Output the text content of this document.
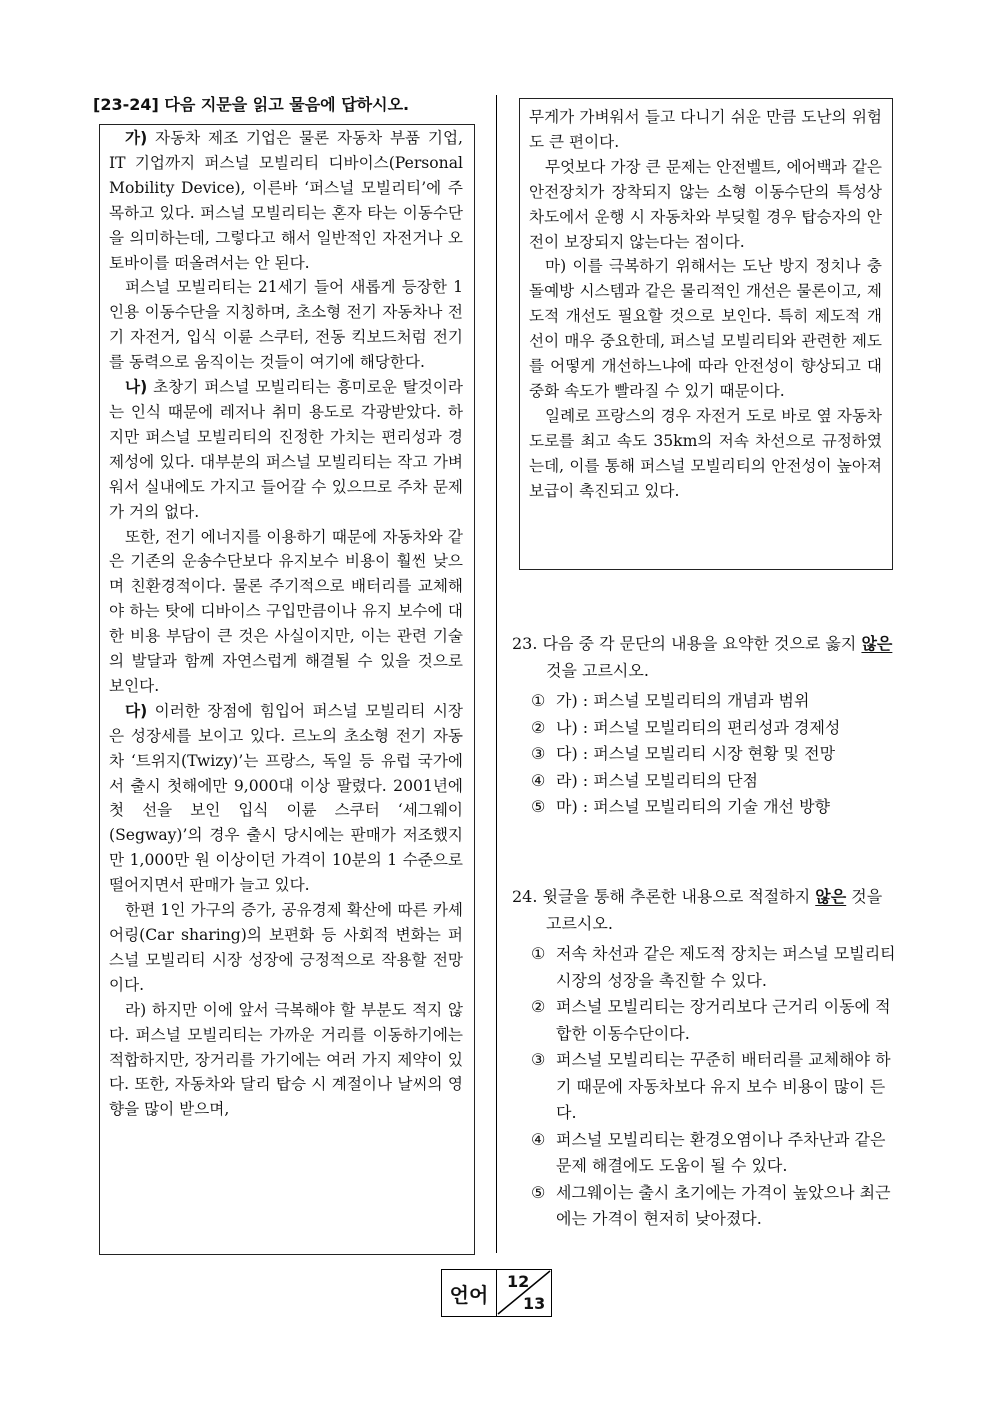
[23-24] 다음 지문을 읽고 물음에 답하시오.

가) 자동차 제조 기업은 물론 자동차 부품 기업, IT 기업까지 퍼스널 모빌리티 디바이스(Personal Mobility Device), 이른바 ‘퍼스널 모빌리티’에 주목하고 있다. 퍼스널 모빌리티는 혼자 타는 이동수단을 의미하는데, 그렇다고 해서 일반적인 자전거나 오토바이를 떠올려서는 안 된다.

퍼스널 모빌리티는 21세기 들어 새롭게 등장한 1인용 이동수단을 지칭하며, 초소형 전기 자동차나 전기 자전거, 입식 이륜 스쿠터, 전동 킥보드처럼 전기를 동력으로 움직이는 것들이 여기에 해당한다.

나) 초창기 퍼스널 모빌리티는 흥미로운 탈것이라는 인식 때문에 레저나 취미 용도로 각광받았다. 하지만 퍼스널 모빌리티의 진정한 가치는 편리성과 경제성에 있다. 대부분의 퍼스널 모빌리티는 작고 가벼워서 실내에도 가지고 들어갈 수 있으므로 주차 문제가 거의 없다.

또한, 전기 에너지를 이용하기 때문에 자동차와 같은 기존의 운송수단보다 유지보수 비용이 훨씬 낮으며 친환경적이다. 물론 주기적으로 배터리를 교체해야 하는 탓에 디바이스 구입만큼이나 유지 보수에 대한 비용 부담이 큰 것은 사실이지만, 이는 관련 기술의 발달과 함께 자연스럽게 해결될 수 있을 것으로 보인다.

다) 이러한 장점에 힘입어 퍼스널 모빌리티 시장은 성장세를 보이고 있다. 르노의 초소형 전기 자동차 ‘트위지(Twizy)’는 프랑스, 독일 등 유럽 국가에서 출시 첫해에만 9,000대 이상 팔렸다. 2001년에 첫 선을 보인 입식 이륜 스쿠터 ‘세그웨이(Segway)’의 경우 출시 당시에는 판매가 저조했지만 1,000만 원 이상이던 가격이 10분의 1 수준으로 떨어지면서 판매가 늘고 있다.

한편 1인 가구의 증가, 공유경제 확산에 따른 카셰어링(Car sharing)의 보편화 등 사회적 변화는 퍼스널 모빌리티 시장 성장에 긍정적으로 작용할 전망이다.

라) 하지만 이에 앞서 극복해야 할 부분도 적지 않다. 퍼스널 모빌리티는 가까운 거리를 이동하기에는 적합하지만, 장거리를 가기에는 여러 가지 제약이 있다. 또한, 자동차와 달리 탑승 시 계절이나 날씨의 영향을 많이 받으며,

무게가 가벼워서 들고 다니기 쉬운 만큼 도난의 위험도 큰 편이다.

무엇보다 가장 큰 문제는 안전벨트, 에어백과 같은 안전장치가 장착되지 않는 소형 이동수단의 특성상 차도에서 운행 시 자동차와 부딪힐 경우 탑승자의 안전이 보장되지 않는다는 점이다.

마) 이를 극복하기 위해서는 도난 방지 정치나 충돌예방 시스템과 같은 물리적인 개선은 물론이고, 제도적 개선도 필요할 것으로 보인다. 특히 제도적 개선이 매우 중요한데, 퍼스널 모빌리티와 관련한 제도를 어떻게 개선하느냐에 따라 안전성이 향상되고 대중화 속도가 빨라질 수 있기 때문이다.

일례로 프랑스의 경우 자전거 도로 바로 옆 자동차 도로를 최고 속도 35km의 저속 차선으로 규정하였는데, 이를 통해 퍼스널 모빌리티의 안전성이 높아져 보급이 촉진되고 있다.

23. 다음 중 각 문단의 내용을 요약한 것으로 옳지 않은 것을 고르시오.

① 가) : 퍼스널 모빌리티의 개념과 범위
② 나) : 퍼스널 모빌리티의 편리성과 경제성
③ 다) : 퍼스널 모빌리티 시장 현황 및 전망
④ 라) : 퍼스널 모빌리티의 단점
⑤ 마) : 퍼스널 모빌리티의 기술 개선 방향

24. 윗글을 통해 추론한 내용으로 적절하지 않은 것을 고르시오.

① 저속 차선과 같은 제도적 장치는 퍼스널 모빌리티 시장의 성장을 촉진할 수 있다.
② 퍼스널 모빌리티는 장거리보다 근거리 이동에 적합한 이동수단이다.
③ 퍼스널 모빌리티는 꾸준히 배터리를 교체해야 하기 때문에 자동차보다 유지 보수 비용이 많이 든다.
④ 퍼스널 모빌리티는 환경오염이나 주차난과 같은 문제 해결에도 도움이 될 수 있다.
⑤ 세그웨이는 출시 초기에는 가격이 높았으나 최근에는 가격이 현저히 낮아졌다.
언어
12
13
